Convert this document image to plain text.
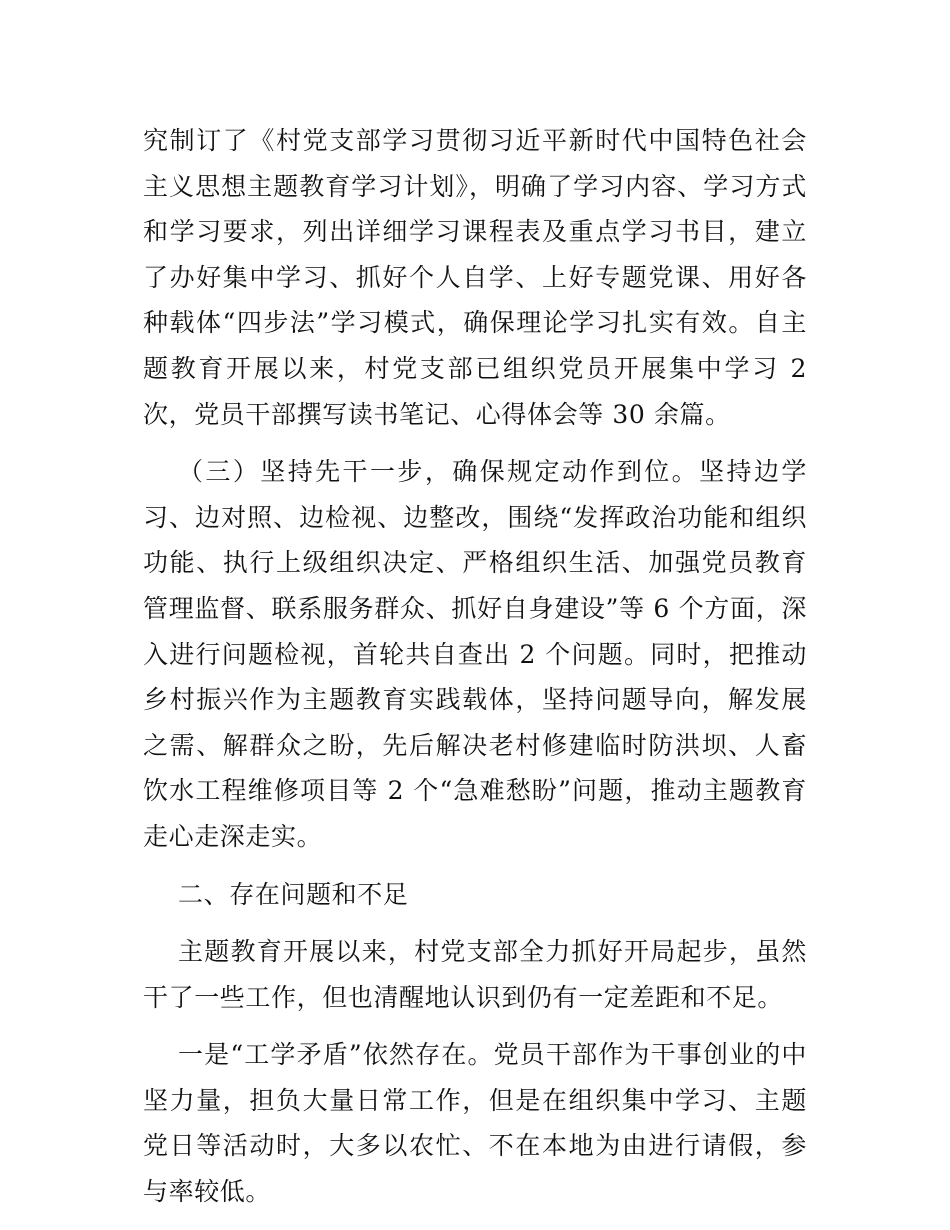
究制订了《村党支部学习贯彻习近平新时代中国特色社会主义思想主题教育学习计划》，明确了学习内容、学习方式和学习要求，列出详细学习课程表及重点学习书目，建立了办好集中学习、抓好个人自学、上好专题党课、用好各种载体“四步法”学习模式，确保理论学习扎实有效。自主题教育开展以来，村党支部已组织党员开展集中学习 2 次，党员干部撰写读书笔记、心得体会等 30 余篇。

（三）坚持先干一步，确保规定动作到位。坚持边学习、边对照、边检视、边整改，围绕“发挥政治功能和组织功能、执行上级组织决定、严格组织生活、加强党员教育管理监督、联系服务群众、抓好自身建设”等 6 个方面，深入进行问题检视，首轮共自查出 2 个问题。同时，把推动乡村振兴作为主题教育实践载体，坚持问题导向，解发展之需、解群众之盼，先后解决老村修建临时防洪坝、人畜饮水工程维修项目等 2 个“急难愁盼”问题，推动主题教育走心走深走实。

二、存在问题和不足

主题教育开展以来，村党支部全力抓好开局起步，虽然干了一些工作，但也清醒地认识到仍有一定差距和不足。

一是“工学矛盾”依然存在。党员干部作为干事创业的中坚力量，担负大量日常工作，但是在组织集中学习、主题党日等活动时，大多以农忙、不在本地为由进行请假，参与率较低。
